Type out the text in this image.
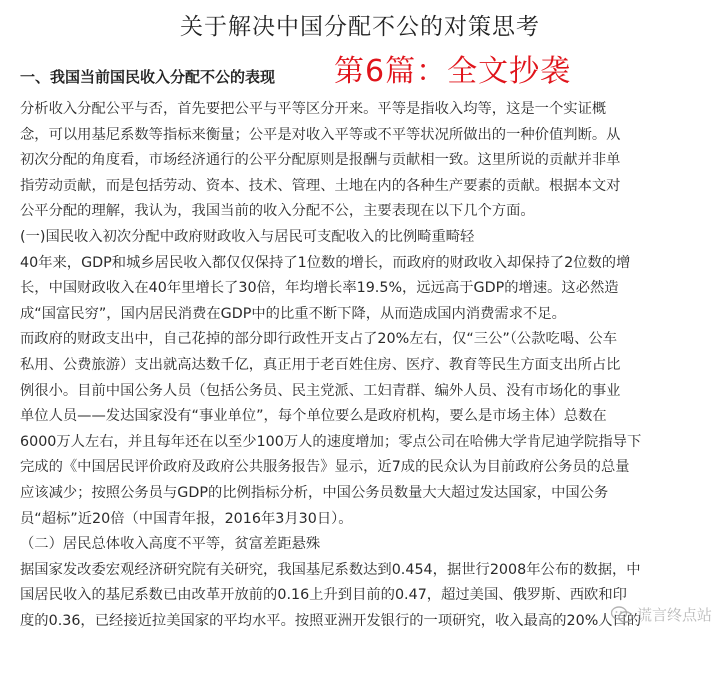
关于解决中国分配不公的对策思考
一、我国当前国民收入分配不公的表现 第6篇：全文抄袭
分析收入分配公平与否，首先要把公平与平等区分开来。平等是指收入均等，这是一个实证概
念，可以用基尼系数等指标来衡量；公平是对收入平等或不平等状况所做出的一种价值判断。从
初次分配的角度看，市场经济通行的公平分配原则是报酬与贡献相一致。这里所说的贡献并非单
指劳动贡献，而是包括劳动、资本、技术、管理、土地在内的各种生产要素的贡献。根据本文对
公平分配的理解，我认为，我国当前的收入分配不公，主要表现在以下几个方面。
(一)国民收入初次分配中政府财政收入与居民可支配收入的比例畸重畸轻
40年来，GDP和城乡居民收入都仅仅保持了1位数的增长，而政府的财政收入却保持了2位数的增
长，中国财政收入在40年里增长了30倍，年均增长率19.5%，远远高于GDP的增速。这必然造
成“国富民穷”，国内居民消费在GDP中的比重不断下降，从而造成国内消费需求不足。
而政府的财政支出中，自己花掉的部分即行政性开支占了20%左右，仅“三公”（公款吃喝、公车
私用、公费旅游）支出就高达数千亿，真正用于老百姓住房、医疗、教育等民生方面支出所占比
例很小。目前中国公务人员（包括公务员、民主党派、工妇青群、编外人员、没有市场化的事业
单位人员——发达国家没有“事业单位”，每个单位要么是政府机构，要么是市场主体）总数在
6000万人左右，并且每年还在以至少100万人的速度增加；零点公司在哈佛大学肯尼迪学院指导下
完成的《中国居民评价政府及政府公共服务报告》显示，近7成的民众认为目前政府公务员的总量
应该减少；按照公务员与GDP的比例指标分析，中国公务员数量大大超过发达国家，中国公务
员“超标”近20倍（中国青年报，2016年3月30日）。
（二）居民总体收入高度不平等，贫富差距悬殊
据国家发改委宏观经济研究院有关研究，我国基尼系数达到0.454，据世行2008年公布的数据，中
国居民收入的基尼系数已由改革开放前的0.16上升到目前的0.47，超过美国、俄罗斯、西欧和印
度的0.36，已经接近拉美国家的平均水平。按照亚洲开发银行的一项研究，收入最高的20%人口的
谎言终点站
